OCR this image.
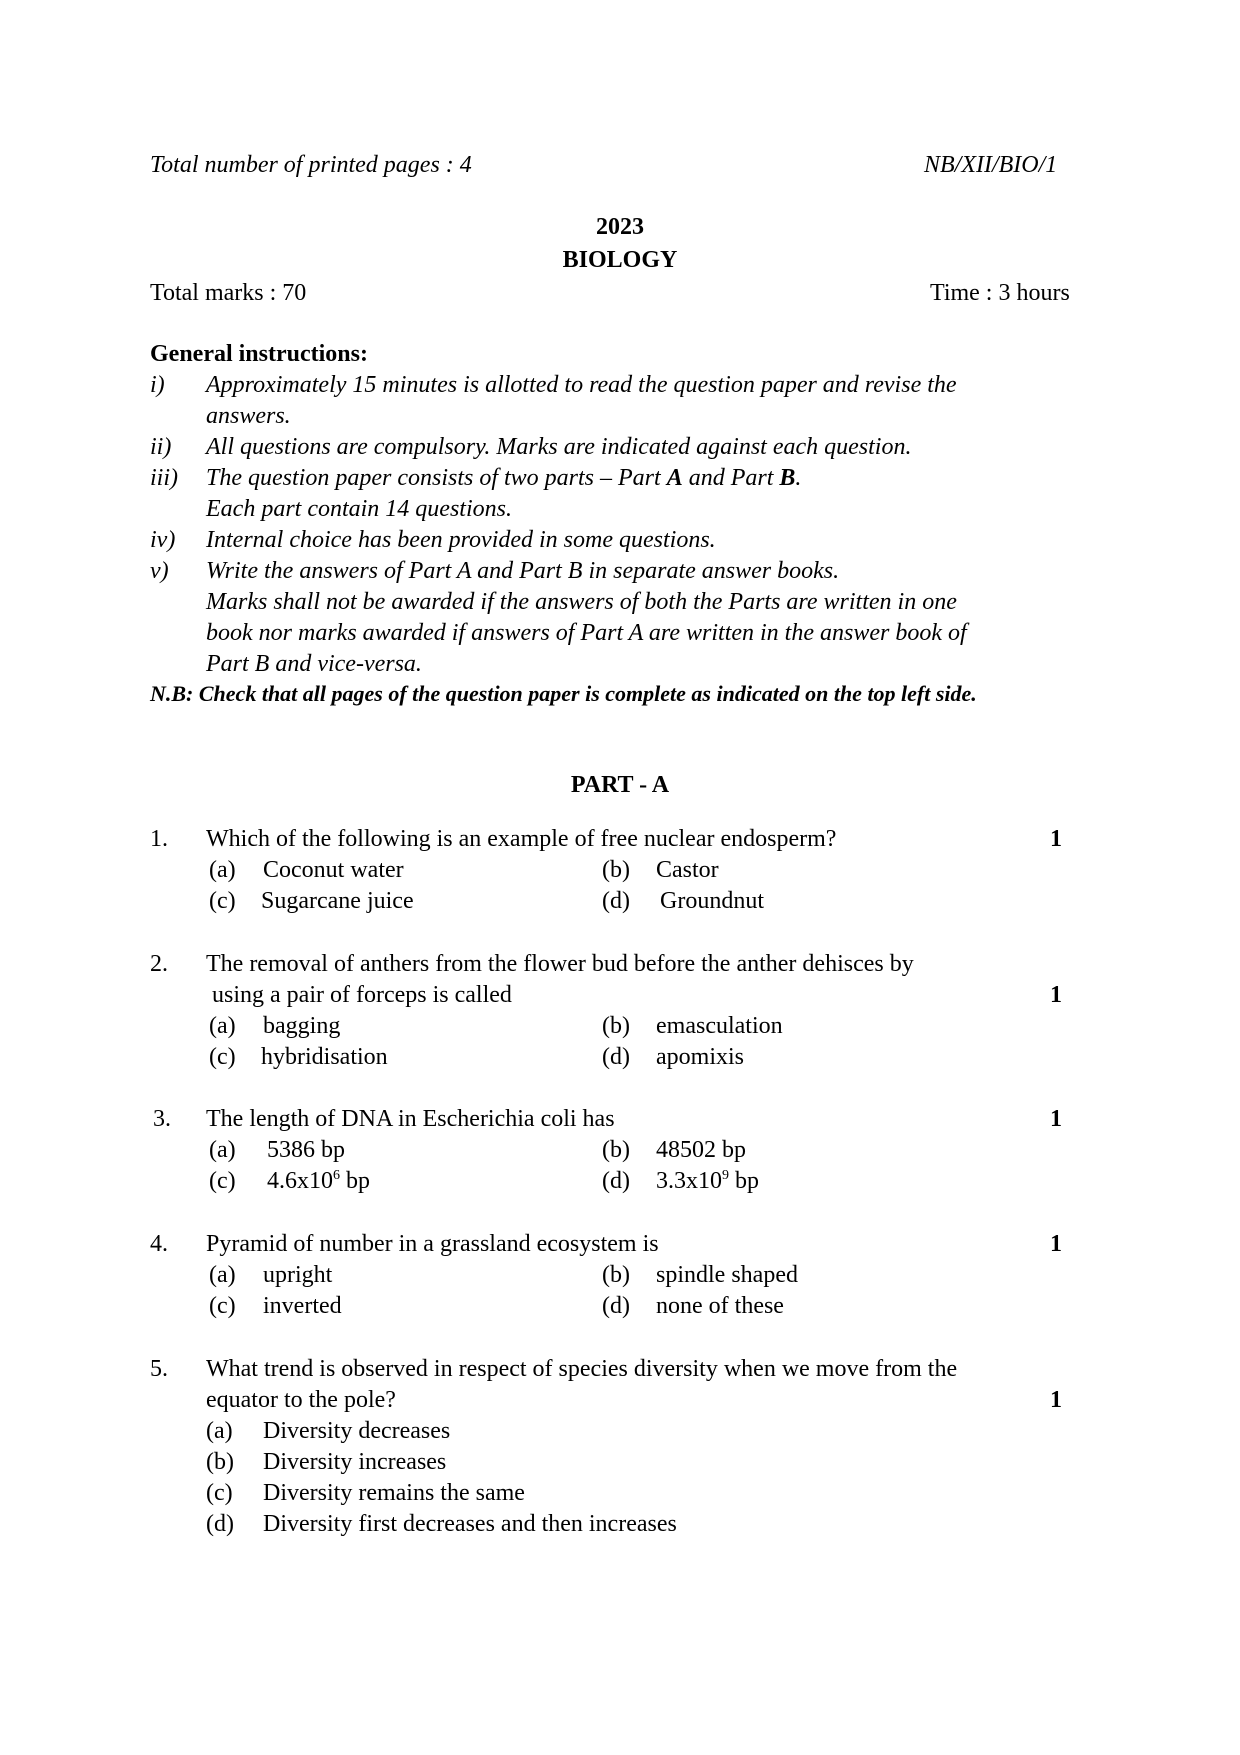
Total number of printed pages : 4	NB/XII/BIO/1
2023
BIOLOGY
Total marks : 70	Time : 3 hours
General instructions:
i) Approximately 15 minutes is allotted to read the question paper and revise the
answers.
ii) All questions are compulsory. Marks are indicated against each question.
iii) The question paper consists of two parts – Part A and Part B.
Each part contain 14 questions.
iv) Internal choice has been provided in some questions.
v) Write the answers of Part A and Part B in separate answer books.
Marks shall not be awarded if the answers of both the Parts are written in one
book nor marks awarded if answers of Part A are written in the answer book of
Part B and vice-versa.
N.B: Check that all pages of the question paper is complete as indicated on the top left side.
PART - A
1. Which of the following is an example of free nuclear endosperm?	1
(a) Coconut water	(b) Castor
(c) Sugarcane juice	(d) Groundnut
2. The removal of anthers from the flower bud before the anther dehisces by
using a pair of forceps is called	1
(a) bagging	(b) emasculation
(c) hybridisation	(d) apomixis
3. The length of DNA in Escherichia coli has	1
(a) 5386 bp	(b) 48502 bp
(c) $4.6x10^6$ bp	(d) $3.3x10^9$ bp
4. Pyramid of number in a grassland ecosystem is	1
(a) upright	(b) spindle shaped
(c) inverted	(d) none of these
5. What trend is observed in respect of species diversity when we move from the
equator to the pole?	1
(a) Diversity decreases
(b) Diversity increases
(c) Diversity remains the same
(d) Diversity first decreases and then increases
